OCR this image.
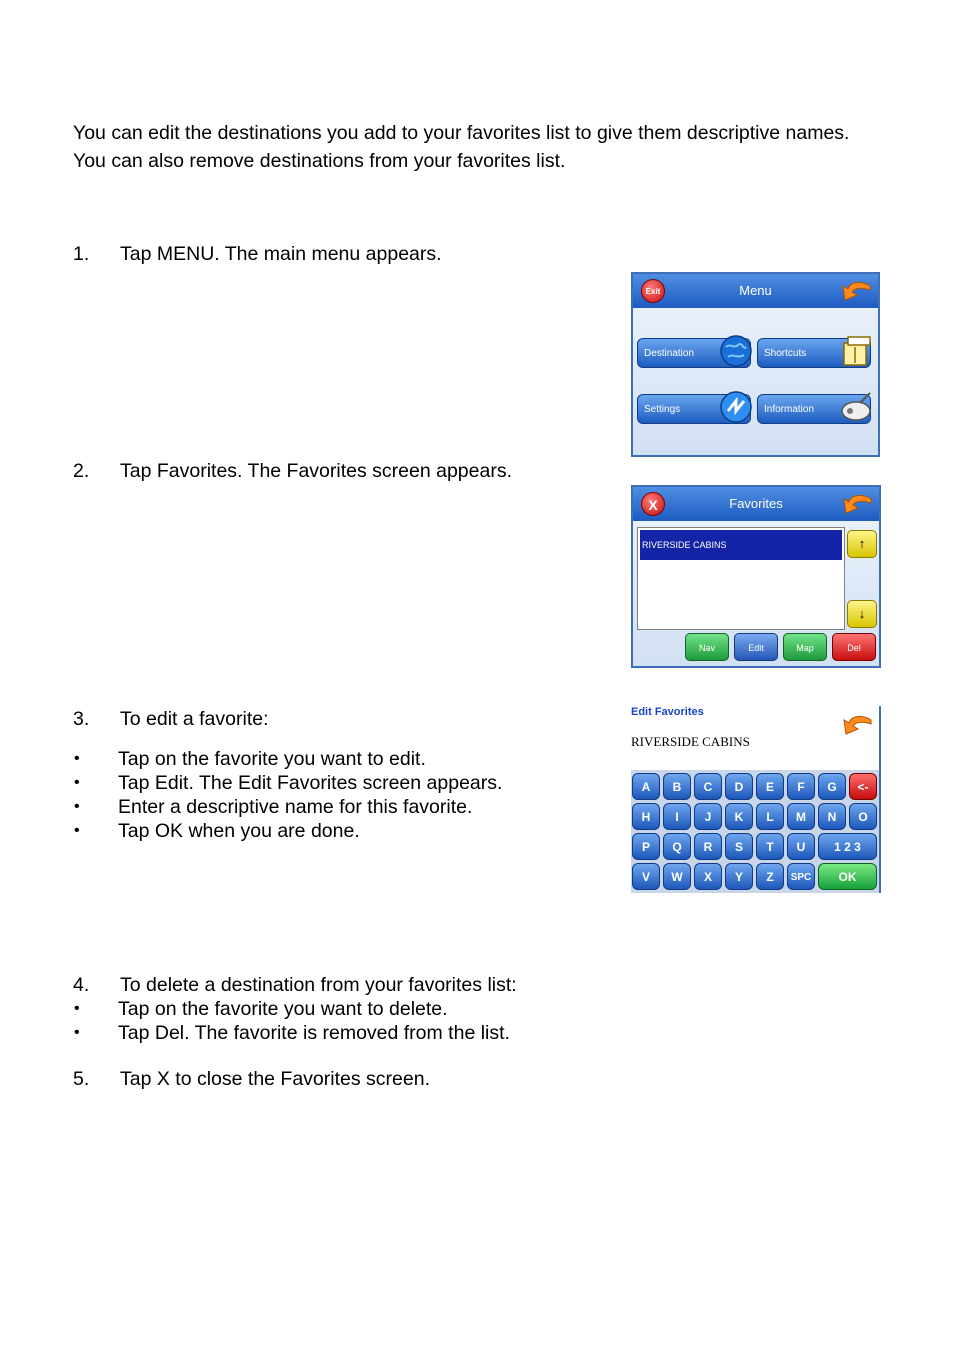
You can edit the destinations you add to your favorites list to give them descriptive names.
You can also remove destinations from your favorites list.
1. Tap MENU. The main menu appears.
2. Tap Favorites. The Favorites screen appears.
3. To edit a favorite:
• Tap on the favorite you want to edit.
• Tap Edit. The Edit Favorites screen appears.
• Enter a descriptive name for this favorite.
• Tap OK when you are done.
4. To delete a destination from your favorites list:
• Tap on the favorite you want to delete.
• Tap Del. The favorite is removed from the list.
5. Tap X to close the Favorites screen.
Menu
Exit
Destination	Shortcuts
Settings	Information
Favorites
X
RIVERSIDE CABINS	↑
↓
Nav	Edit	Map	Del
Edit Favorites
RIVERSIDE CABINS
A	B	C	D	E	F	G	<-
H	I	J	K	L	M	N	O
P	Q	R	S	T	U	1 2 3
V	W	X	Y	Z	SPC	OK
